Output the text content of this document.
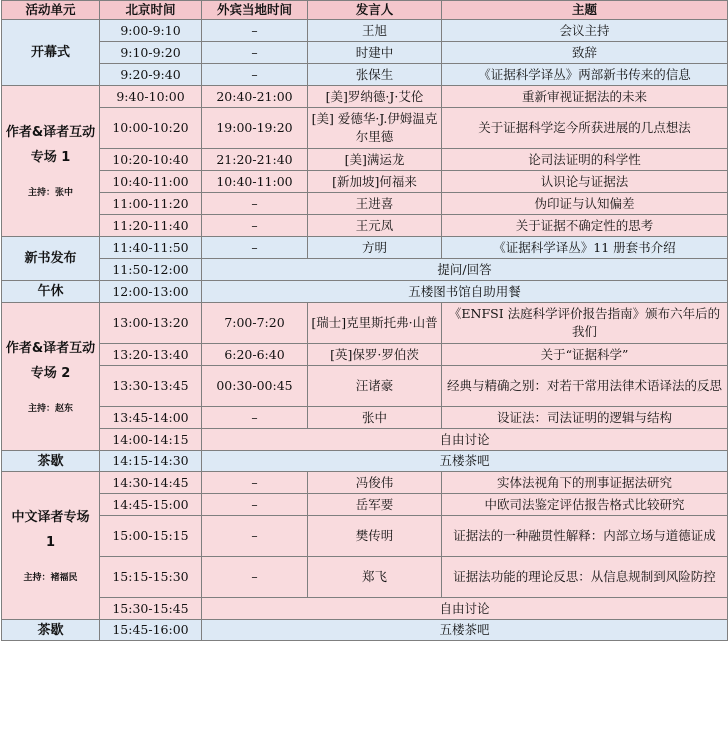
活动单元	北京时间	外宾当地时间	发言人	主题
开幕式	9:00-9:10	–	王旭	会议主持
	9:10-9:20	–	时建中	致辞
	9:20-9:40	–	张保生	《证据科学译丛》两部新书传来的信息

作者&译者互动专场 1
主持：张中	9:40-10:00	20:40-21:00	[美]罗纳德·J·艾伦	重新审视证据法的未来
	10:00-10:20	19:00-19:20	[美] 爱德华·J.伊姆温克尔里德	关于证据科学迄今所获进展的几点想法
	10:20-10:40	21:20-21:40	[美]满运龙	论司法证明的科学性
	10:40-11:00	10:40-11:00	[新加坡]何福来	认识论与证据法
	11:00-11:20	–	王进喜	伪印证与认知偏差
	11:20-11:40	–	王元凤	关于证据不确定性的思考
新书发布	11:40-11:50	–	方明	《证据科学译丛》11 册套书介绍
	11:50-12:00	提问/回答		
午休	12:00-13:00	五楼图书馆自助用餐		

作者&译者互动专场 2
主持：赵东	13:00-13:20	7:00-7:20	[瑞士]克里斯托弗·山普	《ENFSI 法庭科学评价报告指南》颁布六年后的我们
	13:20-13:40	6:20-6:40	[英]保罗·罗伯茨	关于“证据科学”
	13:30-13:45	00:30-00:45	汪诸豪	经典与精确之别：对若干常用法律术语译法的反思
	13:45-14:00	–	张中	设证法：司法证明的逻辑与结构
	14:00-14:15	自由讨论		
茶歇	14:15-14:30	五楼茶吧		

中文译者专场 1
主持：褚福民	14:30-14:45	–	冯俊伟	实体法视角下的刑事证据法研究
	14:45-15:00	–	岳军要	中欧司法鉴定评估报告格式比较研究
	15:00-15:15	–	樊传明	证据法的一种融贯性解释：内部立场与道德证成
	15:15-15:30	–	郑飞	证据法功能的理论反思：从信息规制到风险防控
	15:30-15:45	自由讨论		
茶歇	15:45-16:00	五楼茶吧		
